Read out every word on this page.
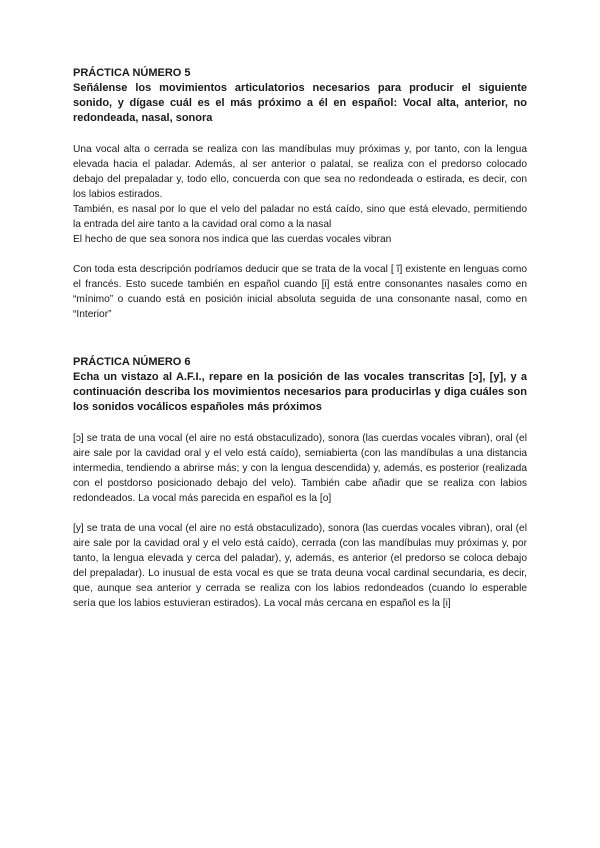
PRÁCTICA NÚMERO 5

Señálense los movimientos articulatorios necesarios para producir el siguiente sonido, y dígase cuál es el más próximo a él en español: Vocal alta, anterior, no redondeada, nasal, sonora

Una vocal alta o cerrada se realiza con las mandíbulas muy próximas y, por tanto, con la lengua elevada hacia el paladar. Además, al ser anterior o palatal, se realiza con el predorso colocado debajo del prepaladar y, todo ello, concuerda con que sea no redondeada o estirada, es decir, con los labios estirados.

También, es nasal por lo que el velo del paladar no está caído, sino que está elevado, permitiendo la entrada del aire tanto a la cavidad oral como a la nasal

El hecho de que sea sonora nos indica que las cuerdas vocales vibran

Con toda esta descripción podríamos deducir que se trata de la vocal [ ĩ] existente en lenguas como el francés. Esto sucede también en español cuando [i] está entre consonantes nasales como en “mínimo” o cuando está en posición inicial absoluta seguida de una consonante nasal, como en “Interior”

PRÁCTICA NÚMERO 6

Echa un vistazo al A.F.I., repare en la posición de las vocales transcritas [ɔ], [y], y a continuación describa los movimientos necesarios para producirlas y diga cuáles son los sonidos vocálicos españoles más próximos

[ɔ] se trata de una vocal (el aire no está obstaculizado), sonora (las cuerdas vocales vibran), oral (el aire sale por la cavidad oral y el velo está caído), semiabierta (con las mandíbulas a una distancia intermedia, tendiendo a abrirse más; y con la lengua descendida) y, además, es posterior (realizada con el postdorso posicionado debajo del velo). También cabe añadir que se realiza con labios redondeados. La vocal más parecida en español es la [o]

[y] se trata de una vocal (el aire no está obstaculizado), sonora (las cuerdas vocales vibran), oral (el aire sale por la cavidad oral y el velo está caído), cerrada (con las mandíbulas muy próximas y, por tanto, la lengua elevada y cerca del paladar), y, además, es anterior (el predorso se coloca debajo del prepaladar). Lo inusual de esta vocal es que se trata deuna vocal cardinal secundaria, es decir, que, aunque sea anterior y cerrada se realiza con los labios redondeados (cuando lo esperable sería que los labios estuvieran estirados). La vocal más cercana en español es la [i]
